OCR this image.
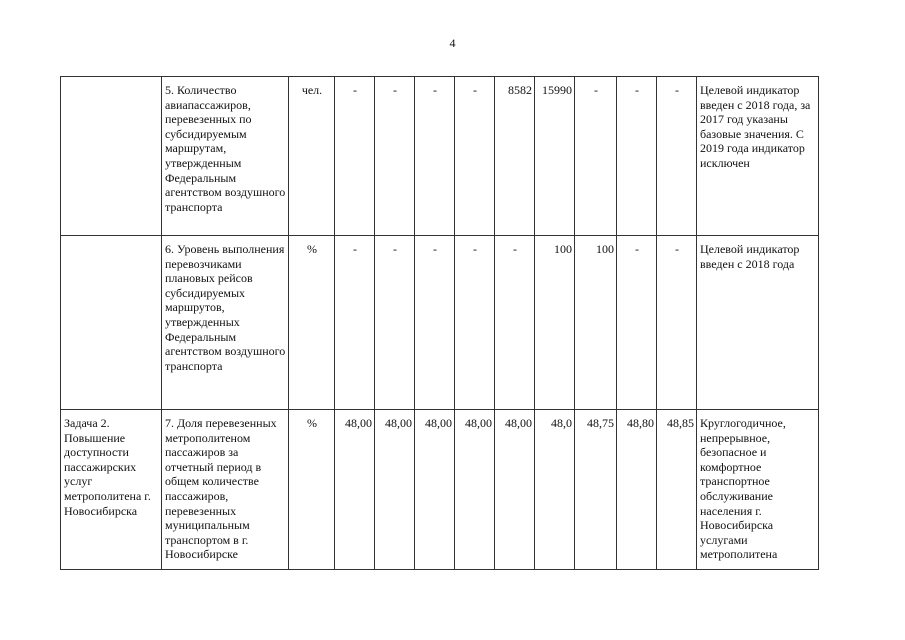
4
	5. Количество авиапассажиров, перевезенных по субсидируемым маршрутам, утвержденным Федеральным агентством воздушного транспорта	чел.	-	-	-	-	8582	15990	-	-	-	Целевой индикатор введен с 2018 года, за 2017 год указаны базовые значения. С 2019 года индикатор исключен
	6. Уровень выполнения перевозчиками плановых рейсов субсидируемых маршрутов, утвержденных Федеральным агентством воздушного транспорта	%	-	-	-	-	-	100	100	-	-	Целевой индикатор введен с 2018 года
Задача 2. Повышение доступности пассажирских услуг метрополитена г. Новосибирска	7. Доля перевезенных метрополитеном пассажиров за отчетный период в общем количестве пассажиров, перевезенных муниципальным транспортом в г. Новосибирске	%	48,00	48,00	48,00	48,00	48,00	48,0	48,75	48,80	48,85	Круглогодичное, непрерывное, безопасное и комфортное транспортное обслуживание населения г. Новосибирска услугами метрополитена
